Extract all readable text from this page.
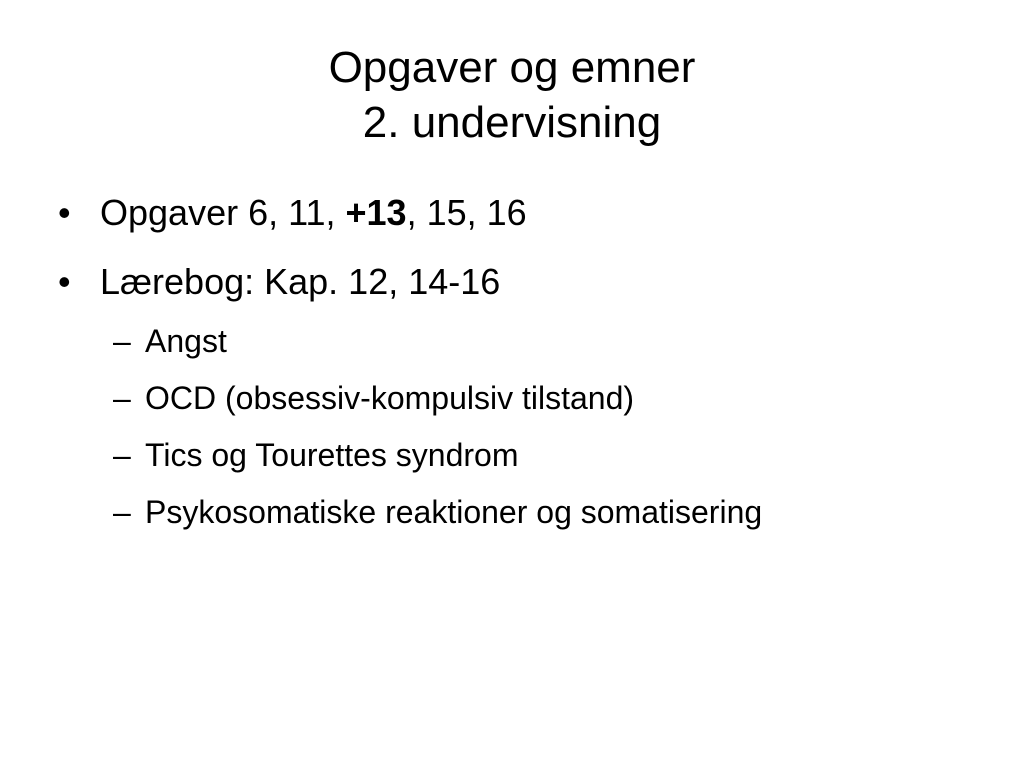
Opgaver og emner
2. undervisning
• Opgaver 6, 11, +13, 15, 16
• Lærebog: Kap. 12, 14-16
– Angst
– OCD (obsessiv-kompulsiv tilstand)
– Tics og Tourettes syndrom
– Psykosomatiske reaktioner og somatisering
